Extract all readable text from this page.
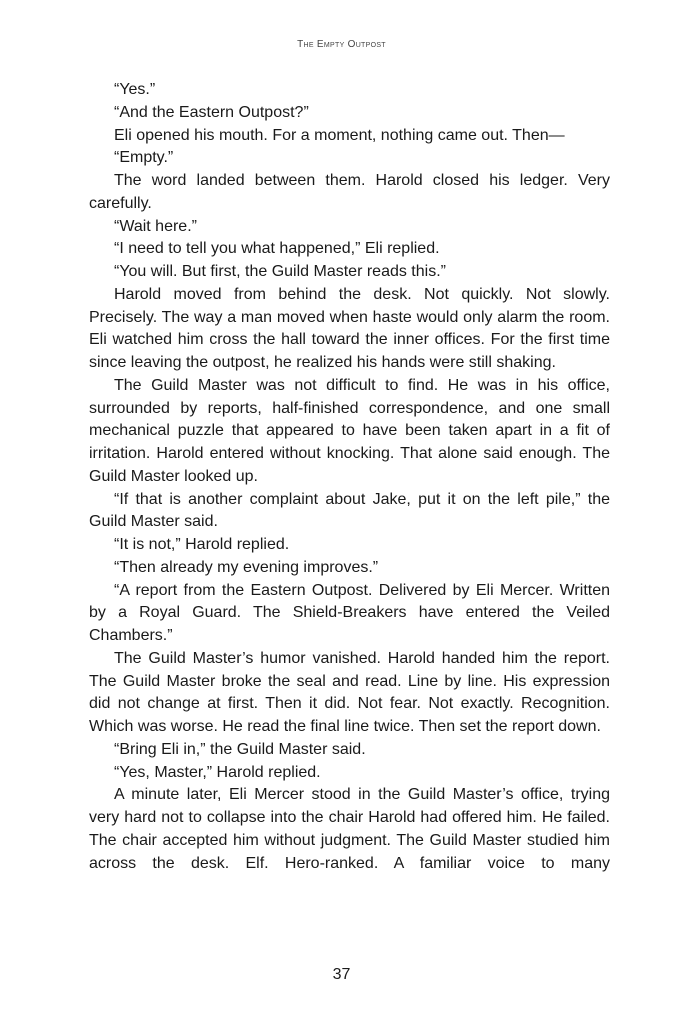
The Empty Outpost

“Yes.”

“And the Eastern Outpost?”

Eli opened his mouth. For a moment, nothing came out. Then—

“Empty.”

The word landed between them. Harold closed his ledger. Very carefully.

“Wait here.”

“I need to tell you what happened,” Eli replied.

“You will. But first, the Guild Master reads this.”

Harold moved from behind the desk. Not quickly. Not slowly. Precisely. The way a man moved when haste would only alarm the room. Eli watched him cross the hall toward the inner offices. For the first time since leaving the outpost, he realized his hands were still shaking.

The Guild Master was not difficult to find. He was in his office, surrounded by reports, half-finished correspondence, and one small mechanical puzzle that appeared to have been taken apart in a fit of irritation. Harold entered without knocking. That alone said enough. The Guild Master looked up.

“If that is another complaint about Jake, put it on the left pile,” the Guild Master said.

“It is not,” Harold replied.

“Then already my evening improves.”

“A report from the Eastern Outpost. Delivered by Eli Mercer. Written by a Royal Guard. The Shield-Breakers have entered the Veiled Chambers.”

The Guild Master’s humor vanished. Harold handed him the report. The Guild Master broke the seal and read. Line by line. His expression did not change at first. Then it did. Not fear. Not exactly. Recognition. Which was worse. He read the final line twice. Then set the report down.

“Bring Eli in,” the Guild Master said.

“Yes, Master,” Harold replied.

A minute later, Eli Mercer stood in the Guild Master’s office, trying very hard not to collapse into the chair Harold had offered him. He failed. The chair accepted him without judgment. The Guild Master studied him across the desk. Elf. Hero-ranked. A familiar voice to many

37
